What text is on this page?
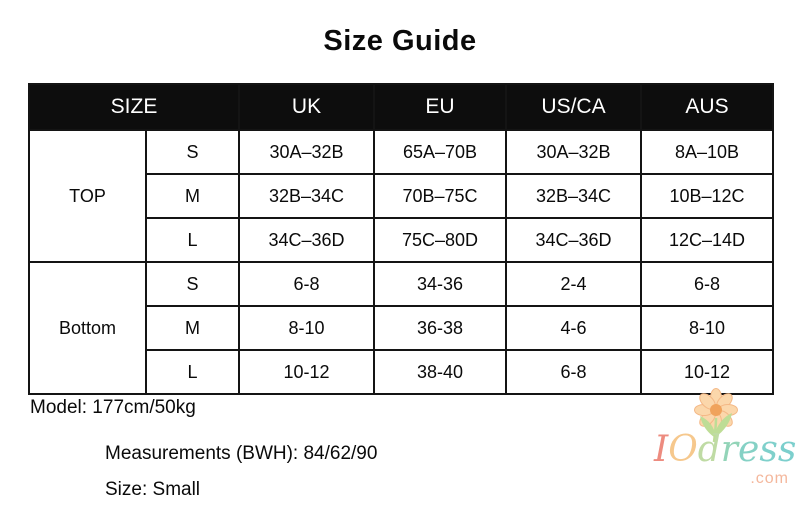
Size Guide
SIZE		UK	EU	US/CA	AUS
TOP	S	30A–32B	65A–70B	30A–32B	8A–10B
	M	32B–34C	70B–75C	32B–34C	10B–12C
	L	34C–36D	75C–80D	34C–36D	12C–14D
Bottom	S	6-8	34-36	2-4	6-8
	M	8-10	36-38	4-6	8-10
	L	10-12	38-40	6-8	10-12
Model: 177cm/50kg
Measurements (BWH): 84/62/90
Size: Small
IOdress
.com
